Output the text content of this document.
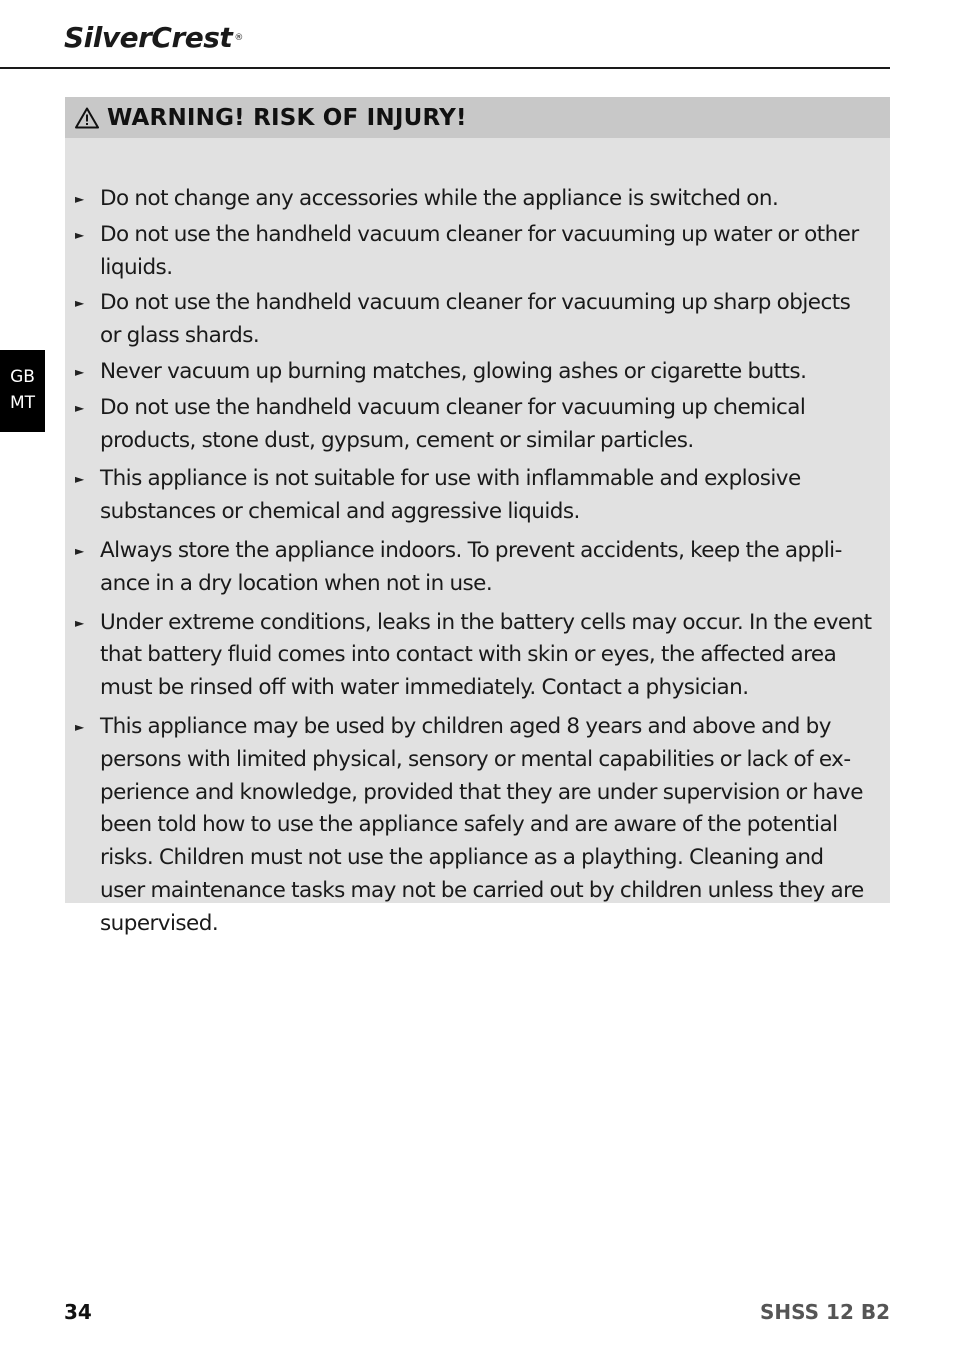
SilverCrest ®
GB
MT
WARNING! RISK OF INJURY!
► Do not change any accessories while the appliance is switched on.
► Do not use the handheld vacuum cleaner for vacuuming up water or other
liquids.
► Do not use the handheld vacuum cleaner for vacuuming up sharp objects
or glass shards.
► Never vacuum up burning matches, glowing ashes or cigarette butts.
► Do not use the handheld vacuum cleaner for vacuuming up chemical
products, stone dust, gypsum, cement or similar particles.
► This appliance is not suitable for use with inflammable and explosive
substances or chemical and aggressive liquids.
► Always store the appliance indoors. To prevent accidents, keep the appli-
ance in a dry location when not in use.
► Under extreme conditions, leaks in the battery cells may occur. In the event
that battery fluid comes into contact with skin or eyes, the affected area
must be rinsed off with water immediately. Contact a physician.
► This appliance may be used by children aged 8 years and above and by
persons with limited physical, sensory or mental capabilities or lack of ex-
perience and knowledge, provided that they are under supervision or have
been told how to use the appliance safely and are aware of the potential
risks. Children must not use the appliance as a plaything. Cleaning and
user maintenance tasks may not be carried out by children unless they are
supervised.
34	SHSS 12 B2
